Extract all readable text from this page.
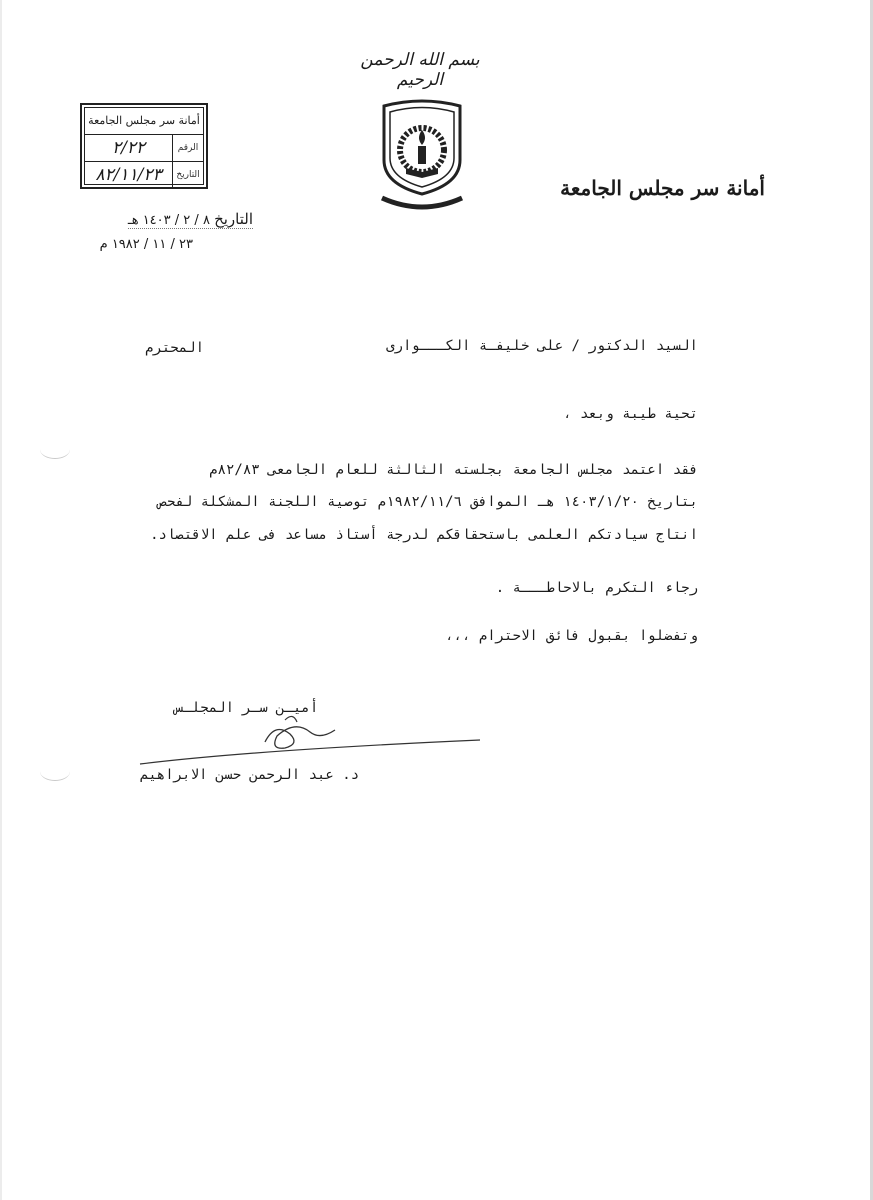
بسم الله الرحمن الرحيم
أمانة سر مجلس الجامعة
أمانة سر مجلس الجامعة
الرقم
٢/٢٢
التاريخ
٨٢/١١/٢٣
التاريخ ٨ / ٢ / ١٤٠٣ هـ
٢٣ / ١١ / ١٩٨٢ م
السيد الدكتور / على خليفـة الكـــوارى
المحترم
تحية طيبة وبعد ،
فقد اعتمد مجلس الجامعة بجلسته الثالثة للعام الجامعى ٨٢/٨٣م
بتاريخ ١٤٠٣/١/٢٠ هـ الموافق ١٩٨٢/١١/٦م توصية اللجنة المشكلة لفحص
انتاج سيادتكم العلمى باستحقاقكم لدرجة أستاذ مساعد فى علم الاقتصاد.
رجاء التكرم بالاحاطـــة .
وتفضلوا بقبول فائق الاحترام ،،،
أميـن سـر المجلـس
د. عبد الرحمن حسن الابراهيم
